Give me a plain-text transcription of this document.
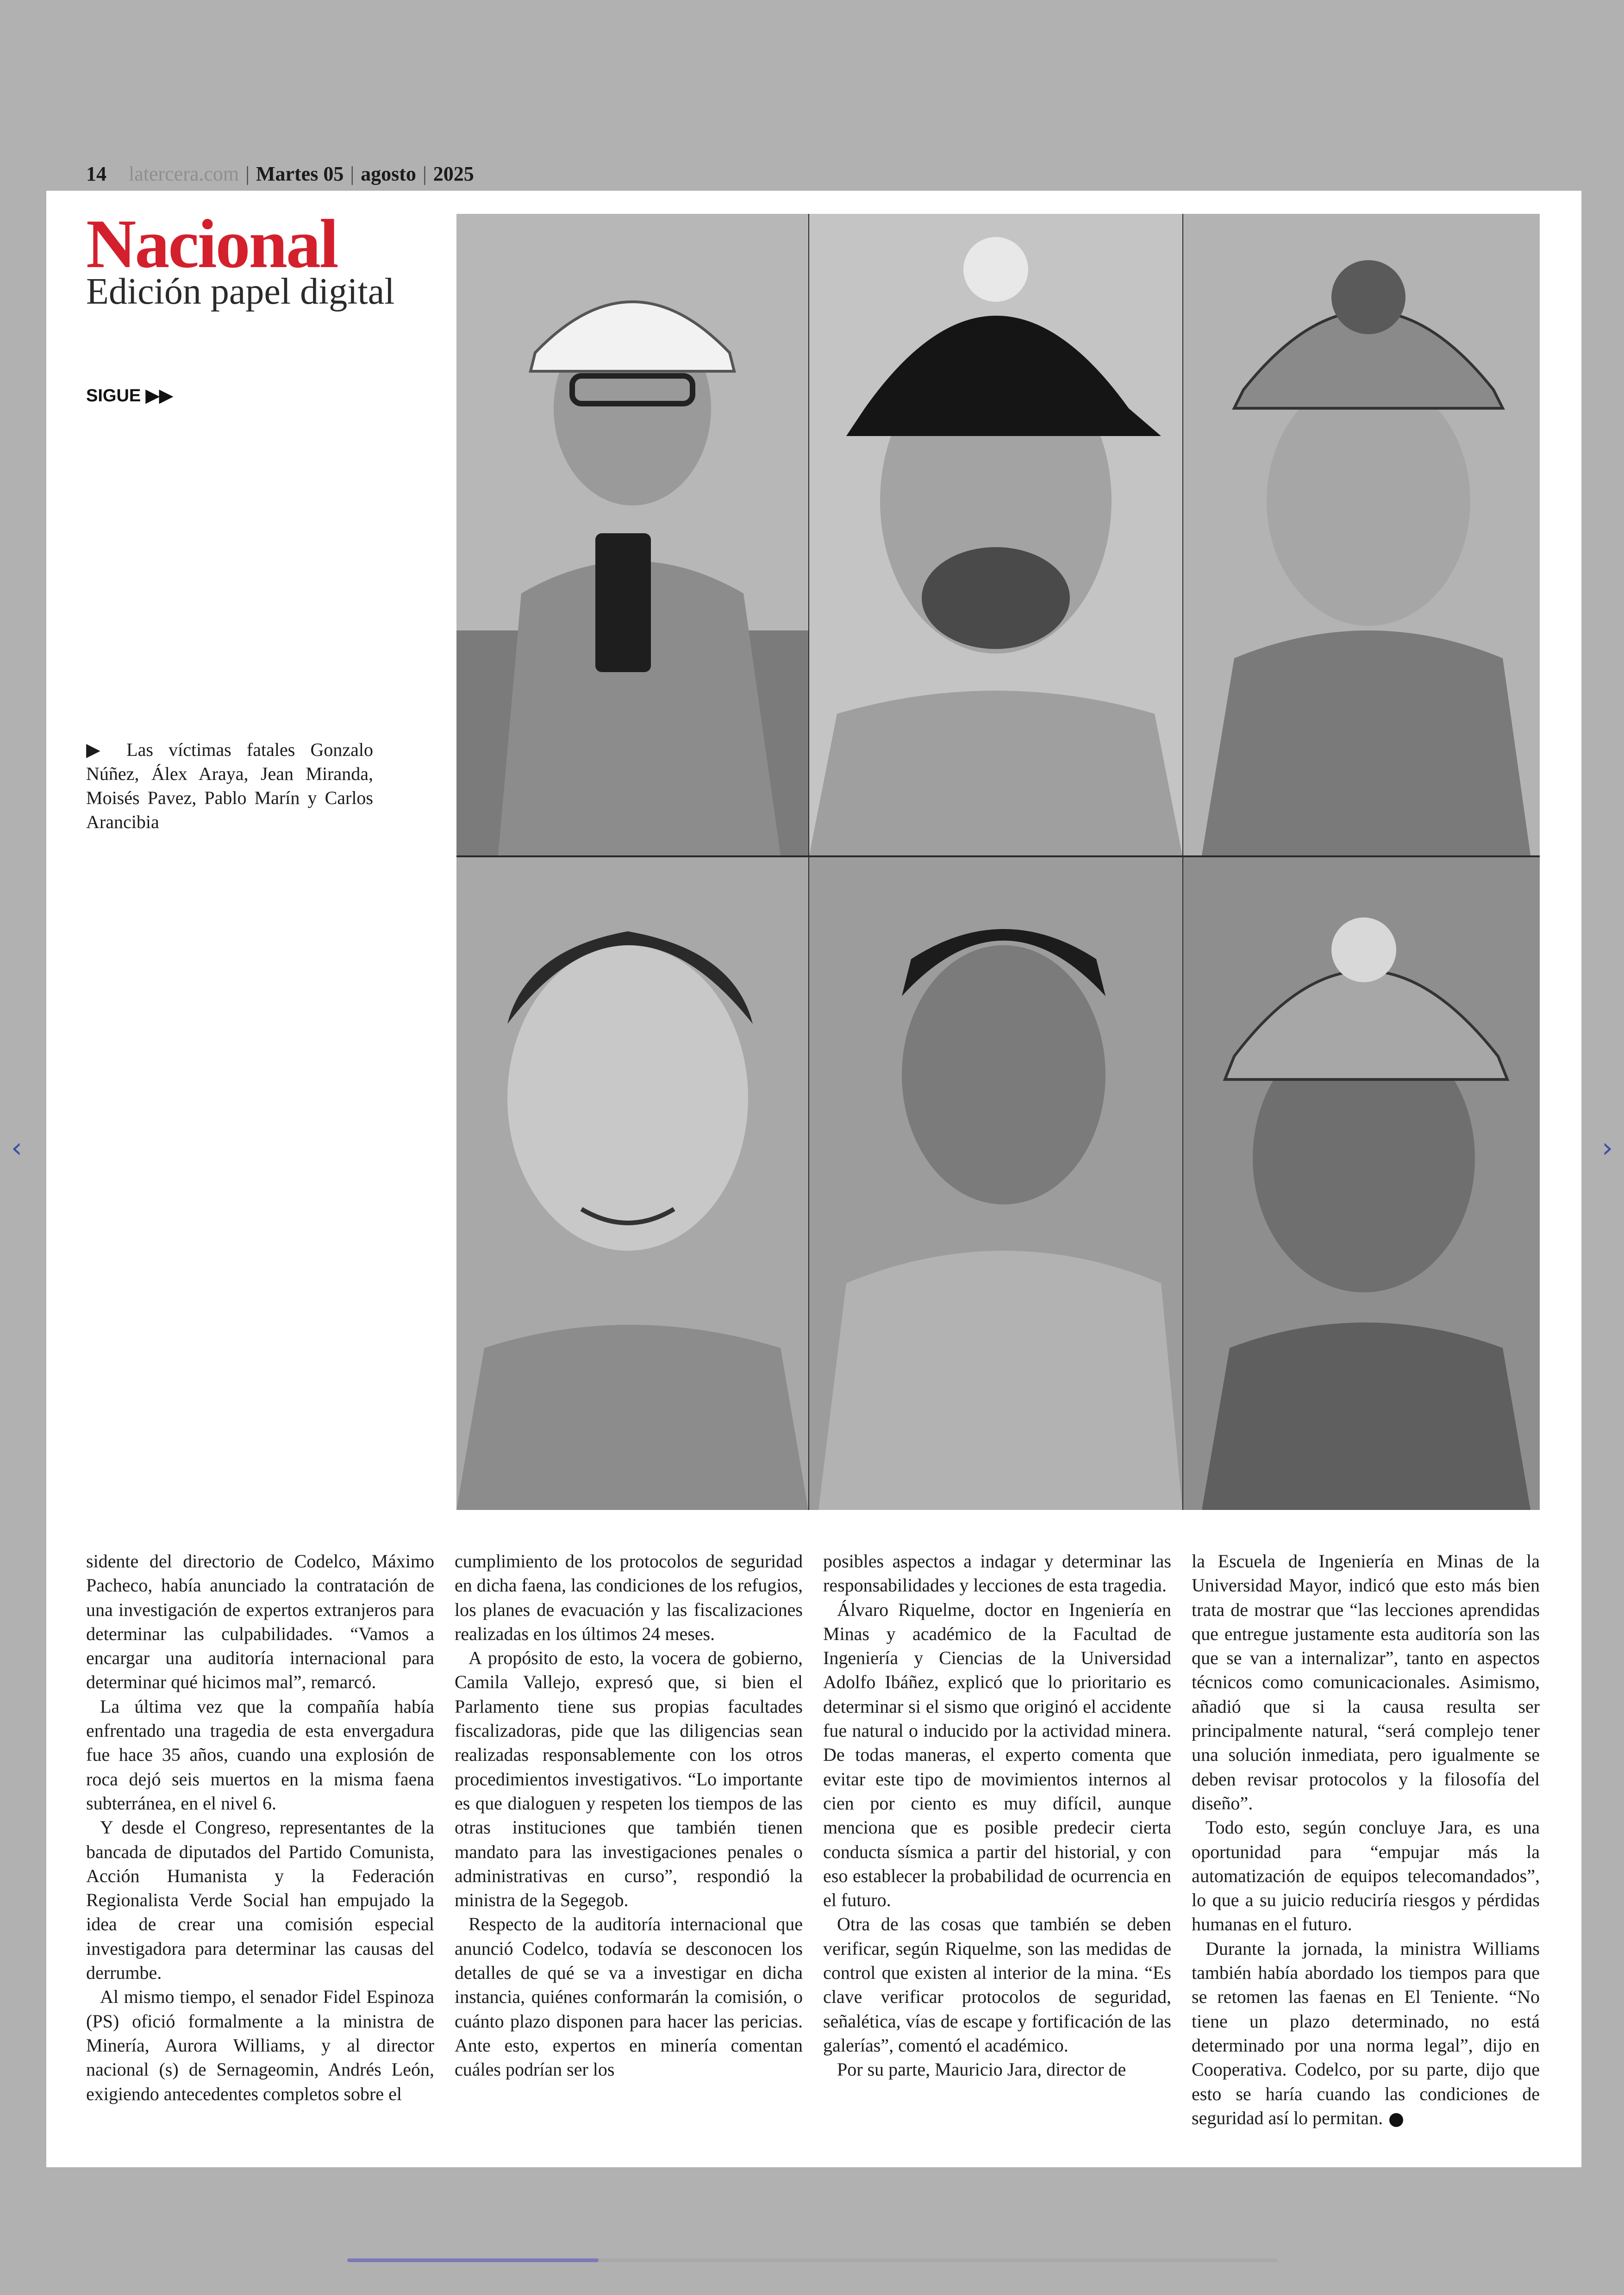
14 latercera.com | Martes 05 | agosto | 2025
Nacional
Edición papel digital
SIGUE ▶▶
▶ Las víctimas fatales Gonzalo Núñez, Álex Araya, Jean Miranda, Moisés Pavez, Pablo Marín y Carlos Arancibia

sidente del directorio de Codelco, Máximo Pacheco, había anunciado la contratación de una investigación de expertos extranjeros para determinar las culpabilidades. “Vamos a encargar una auditoría internacional para determinar qué hicimos mal”, remarcó.

La última vez que la compañía había enfrentado una tragedia de esta envergadura fue hace 35 años, cuando una explosión de roca dejó seis muertos en la misma faena subterránea, en el nivel 6.

Y desde el Congreso, representantes de la bancada de diputados del Partido Comunista, Acción Humanista y la Federación Regionalista Verde Social han empujado la idea de crear una comisión especial investigadora para determinar las causas del derrumbe.

Al mismo tiempo, el senador Fidel Espinoza (PS) ofició formalmente a la ministra de Minería, Aurora Williams, y al director nacional (s) de Sernageomin, Andrés León, exigiendo antecedentes completos sobre el

cumplimiento de los protocolos de seguridad en dicha faena, las condiciones de los refugios, los planes de evacuación y las fiscalizaciones realizadas en los últimos 24 meses.

A propósito de esto, la vocera de gobierno, Camila Vallejo, expresó que, si bien el Parlamento tiene sus propias facultades fiscalizadoras, pide que las diligencias sean realizadas responsablemente con los otros procedimientos investigativos. “Lo importante es que dialoguen y respeten los tiempos de las otras instituciones que también tienen mandato para las investigaciones penales o administrativas en curso”, respondió la ministra de la Segegob.

Respecto de la auditoría internacional que anunció Codelco, todavía se desconocen los detalles de qué se va a investigar en dicha instancia, quiénes conformarán la comisión, o cuánto plazo disponen para hacer las pericias. Ante esto, expertos en minería comentan cuáles podrían ser los

posibles aspectos a indagar y determinar las responsabilidades y lecciones de esta tragedia.

Álvaro Riquelme, doctor en Ingeniería en Minas y académico de la Facultad de Ingeniería y Ciencias de la Universidad Adolfo Ibáñez, explicó que lo prioritario es determinar si el sismo que originó el accidente fue natural o inducido por la actividad minera. De todas maneras, el experto comenta que evitar este tipo de movimientos internos al cien por ciento es muy difícil, aunque menciona que es posible predecir cierta conducta sísmica a partir del historial, y con eso establecer la probabilidad de ocurrencia en el futuro.

Otra de las cosas que también se deben verificar, según Riquelme, son las medidas de control que existen al interior de la mina. “Es clave verificar protocolos de seguridad, señalética, vías de escape y fortificación de las galerías”, comentó el académico.

Por su parte, Mauricio Jara, director de

la Escuela de Ingeniería en Minas de la Universidad Mayor, indicó que esto más bien trata de mostrar que “las lecciones aprendidas que entregue justamente esta auditoría son las que se van a internalizar”, tanto en aspectos técnicos como comunicacionales. Asimismo, añadió que si la causa resulta ser principalmente natural, “será complejo tener una solución inmediata, pero igualmente se deben revisar protocolos y la filosofía del diseño”.

Todo esto, según concluye Jara, es una oportunidad para “empujar más la automatización de equipos telecomandados”, lo que a su juicio reduciría riesgos y pérdidas humanas en el futuro.

Durante la jornada, la ministra Williams también había abordado los tiempos para que se retomen las faenas en El Teniente. “No tiene un plazo determinado, no está determinado por una norma legal”, dijo en Cooperativa. Codelco, por su parte, dijo que esto se haría cuando las condiciones de seguridad así lo permitan.

‹	›
